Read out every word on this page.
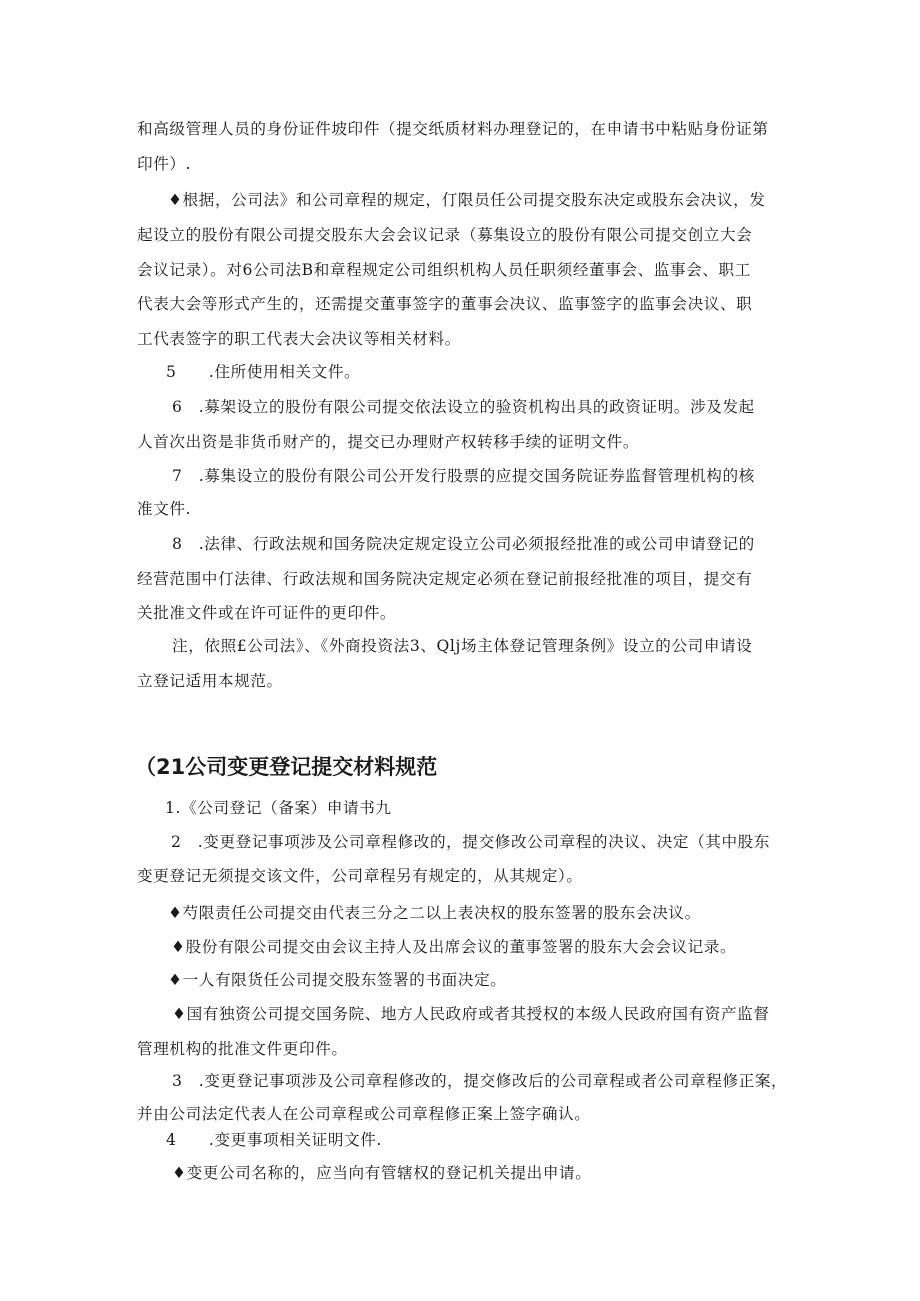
和高级管理人员的身份证件坡印件（提交纸质材料办理登记的，在申请书中粘贴身份证第
印件）.
♦根据，公司法》和公司章程的规定，仃限员任公司提交股东决定或股东会决议，发
起设立的股份有限公司提交股东大会会议记录（募集设立的股份有限公司提交创立大会
会议记录）。对6公司法B和章程规定公司组织机构人员任职须经董事会、监事会、职工
代表大会等形式产生的，还需提交董事签字的董事会决议、监事签字的监事会决议、职
工代表签字的职工代表大会决议等相关材料。
5　　.住所使用相关文件。
6　.募架设立的股份有限公司提交依法设立的验资机构出具的政资证明。涉及发起
人首次出资是非货币财产的，提交已办理财产权转移手续的证明文件。
7　.募集设立的股份有限公司公开发行股票的应提交国务院证券监督管理机构的核
准文件.
8　.法律、行政法规和国务院决定规定设立公司必须报经批准的或公司申请登记的
经营范围中仃法律、行政法规和国务院决定规定必须在登记前报经批准的项目，提交有
关批准文件或在许可证件的更印件。
注，依照£公司法》、《外商投资法3、Qlj场主体登记管理条例》设立的公司申请设
立登记适用本规范。
（21公司变更登记提交材料规范
1.《公司登记（备案）申请书九
2　.变更登记事项涉及公司章程修改的，提交修改公司章程的决议、决定（其中股东
变更登记无须提交该文件，公司章程另有规定的，从其规定）。
♦芍限责任公司提交由代表三分之二以上表决权的股东签署的股东会决议。
♦股份有限公司提交由会议主持人及出席会议的董事签署的股东大会会议记录。
♦一人有限货任公司提交股东签署的书面决定。
♦国有独资公司提交国务院、地方人民政府或者其授权的本级人民政府国有资产监督
管理机构的批准文件更印件。
3　.变更登记事项涉及公司章程修改的，提交修改后的公司章程或者公司章程修正案，
并由公司法定代表人在公司章程或公司章程修正案上签字确认。
4　　.变更事项相关证明文件.
♦变更公司名称的，应当向有管辖权的登记机关提出申请。
